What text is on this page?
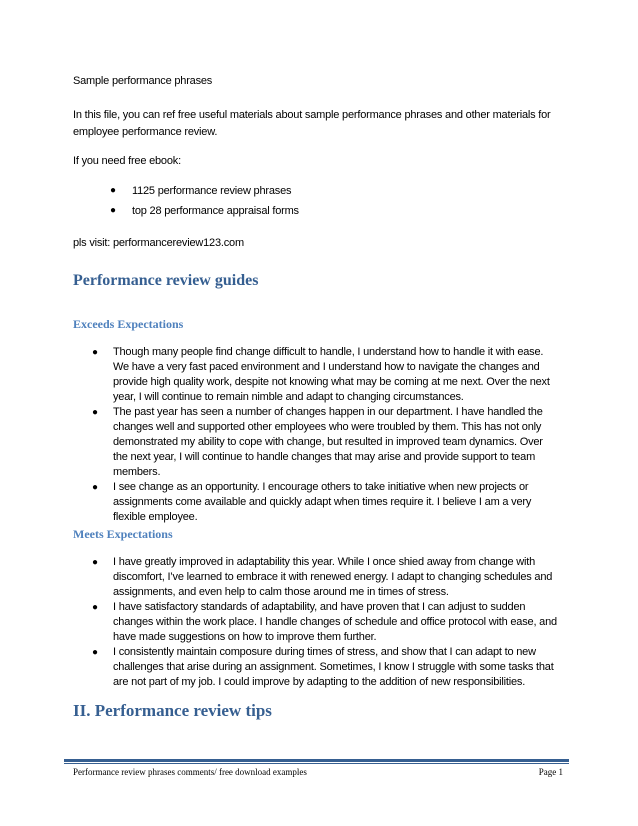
Sample performance phrases
In this file, you can ref free useful materials about sample performance phrases and other materials for
employee performance review.
If you need free ebook:
● 1125 performance review phrases
● top 28 performance appraisal forms
pls visit: performancereview123.com
Performance review guides
Exceeds Expectations
● Though many people find change difficult to handle, I understand how to handle it with ease.
We have a very fast paced environment and I understand how to navigate the changes and
provide high quality work, despite not knowing what may be coming at me next. Over the next
year, I will continue to remain nimble and adapt to changing circumstances.
● The past year has seen a number of changes happen in our department. I have handled the
changes well and supported other employees who were troubled by them. This has not only
demonstrated my ability to cope with change, but resulted in improved team dynamics. Over
the next year, I will continue to handle changes that may arise and provide support to team
members.
● I see change as an opportunity. I encourage others to take initiative when new projects or
assignments come available and quickly adapt when times require it. I believe I am a very
flexible employee.
Meets Expectations
● I have greatly improved in adaptability this year. While I once shied away from change with
discomfort, I’ve learned to embrace it with renewed energy. I adapt to changing schedules and
assignments, and even help to calm those around me in times of stress.
● I have satisfactory standards of adaptability, and have proven that I can adjust to sudden
changes within the work place. I handle changes of schedule and office protocol with ease, and
have made suggestions on how to improve them further.
● I consistently maintain composure during times of stress, and show that I can adapt to new
challenges that arise during an assignment. Sometimes, I know I struggle with some tasks that
are not part of my job. I could improve by adapting to the addition of new responsibilities.
II. Performance review tips
Performance review phrases comments/ free download examples	Page 1
